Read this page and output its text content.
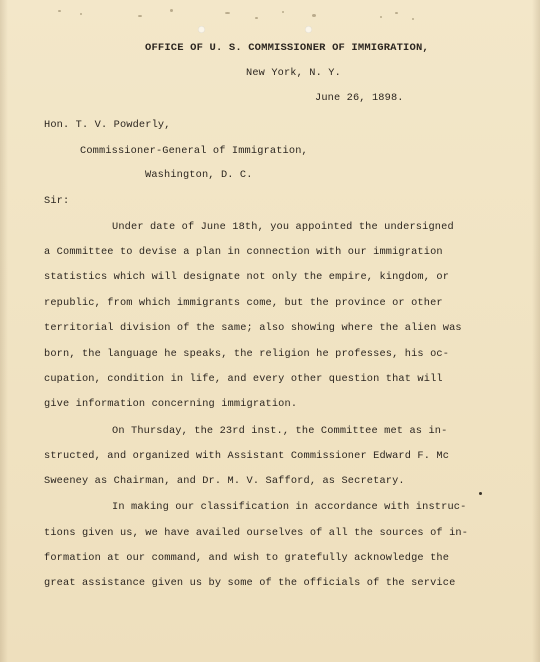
OFFICE OF U. S. COMMISSIONER OF IMMIGRATION,
New York, N. Y.
June 26, 1898.
Hon. T. V. Powderly,
Commissioner-General of Immigration,
Washington, D. C.
Sir:
Under date of June 18th, you appointed the undersigned
a Committee to devise a plan in connection with our immigration
statistics which will designate not only the empire, kingdom, or
republic, from which immigrants come, but the province or other
territorial division of the same; also showing where the alien was
born, the language he speaks, the religion he professes, his oc-
cupation, condition in life, and every other question that will
give information concerning immigration.
On Thursday, the 23rd inst., the Committee met as in-
structed, and organized with Assistant Commissioner Edward F. Mc
Sweeney as Chairman, and Dr. M. V. Safford, as Secretary.
In making our classification in accordance with instruc-
tions given us, we have availed ourselves of all the sources of in-
formation at our command, and wish to gratefully acknowledge the
great assistance given us by some of the officials of the service
